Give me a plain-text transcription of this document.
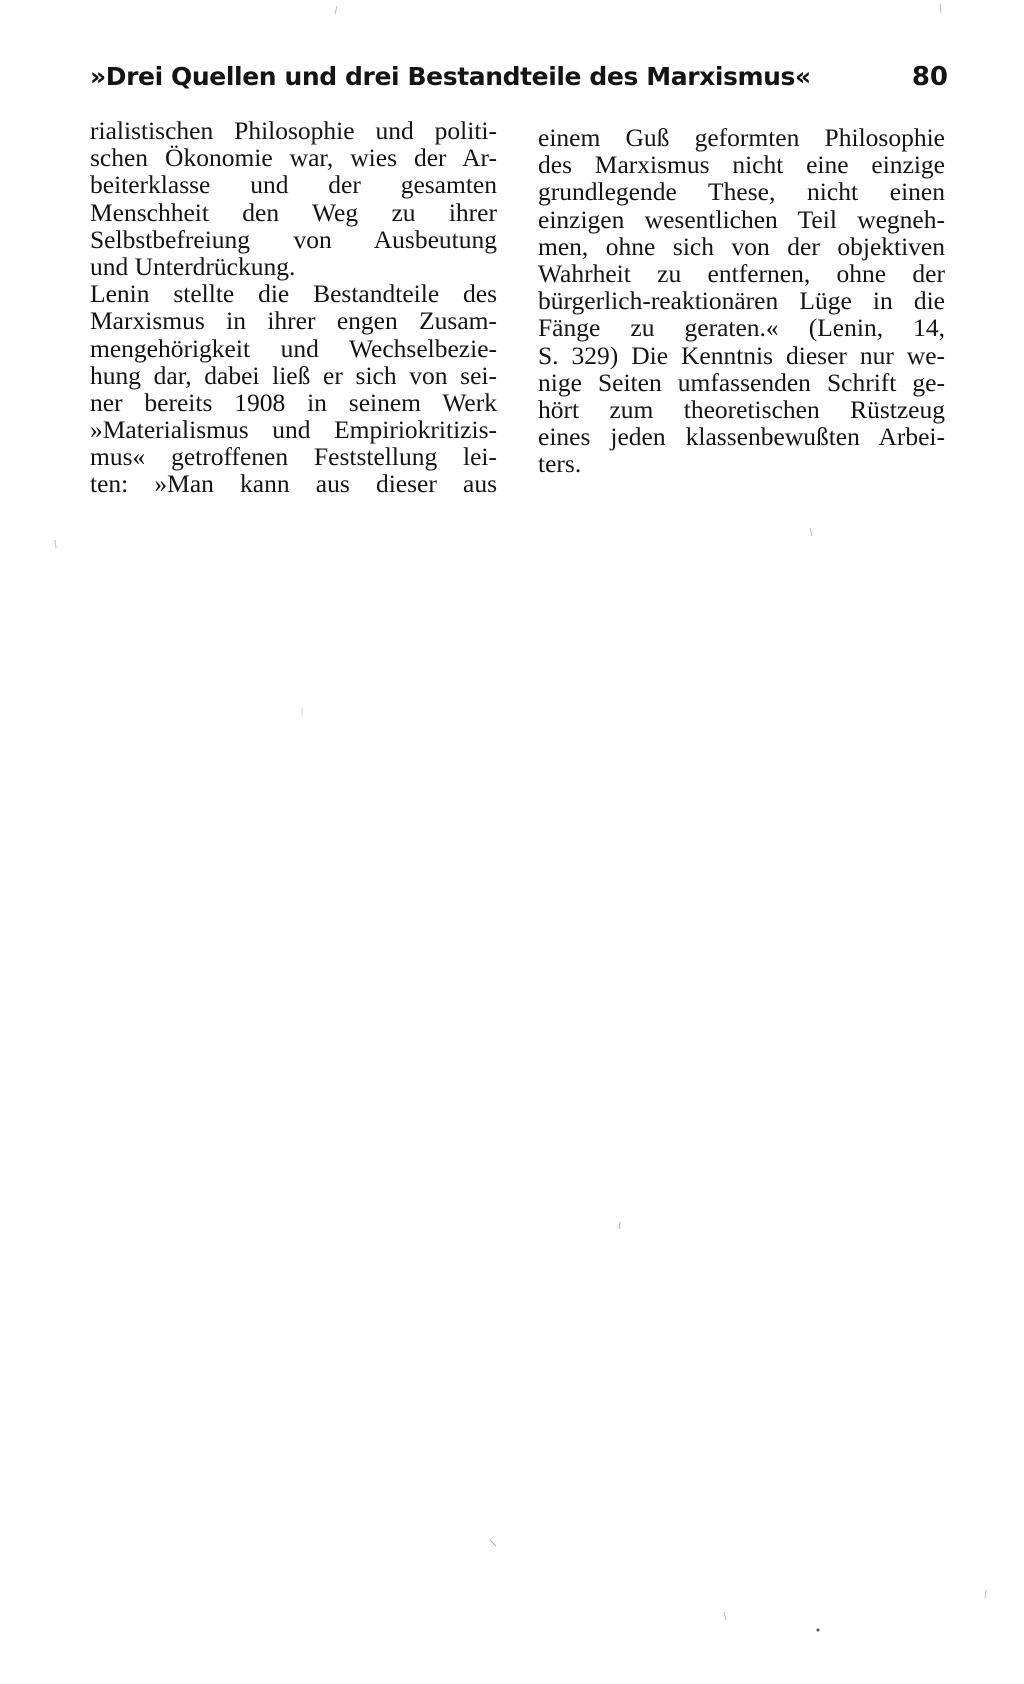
»Drei Quellen und drei Bestandteile des Marxismus«	80
rialistischen Philosophie und politi-
schen Ökonomie war, wies der Ar-
beiterklasse und der gesamten
Menschheit den Weg zu ihrer
Selbstbefreiung von Ausbeutung
und Unterdrückung.
Lenin stellte die Bestandteile des
Marxismus in ihrer engen Zusam-
mengehörigkeit und Wechselbezie-
hung dar, dabei ließ er sich von sei-
ner bereits 1908 in seinem Werk
»Materialismus und Empiriokritizis-
mus« getroffenen Feststellung lei-
ten: »Man kann aus dieser aus
einem Guß geformten Philosophie
des Marxismus nicht eine einzige
grundlegende These, nicht einen
einzigen wesentlichen Teil wegneh-
men, ohne sich von der objektiven
Wahrheit zu entfernen, ohne der
bürgerlich-reaktionären Lüge in die
Fänge zu geraten.« (Lenin, 14,
S. 329) Die Kenntnis dieser nur we-
nige Seiten umfassenden Schrift ge-
hört zum theoretischen Rüstzeug
eines jeden klassenbewußten Arbei-
ters.
